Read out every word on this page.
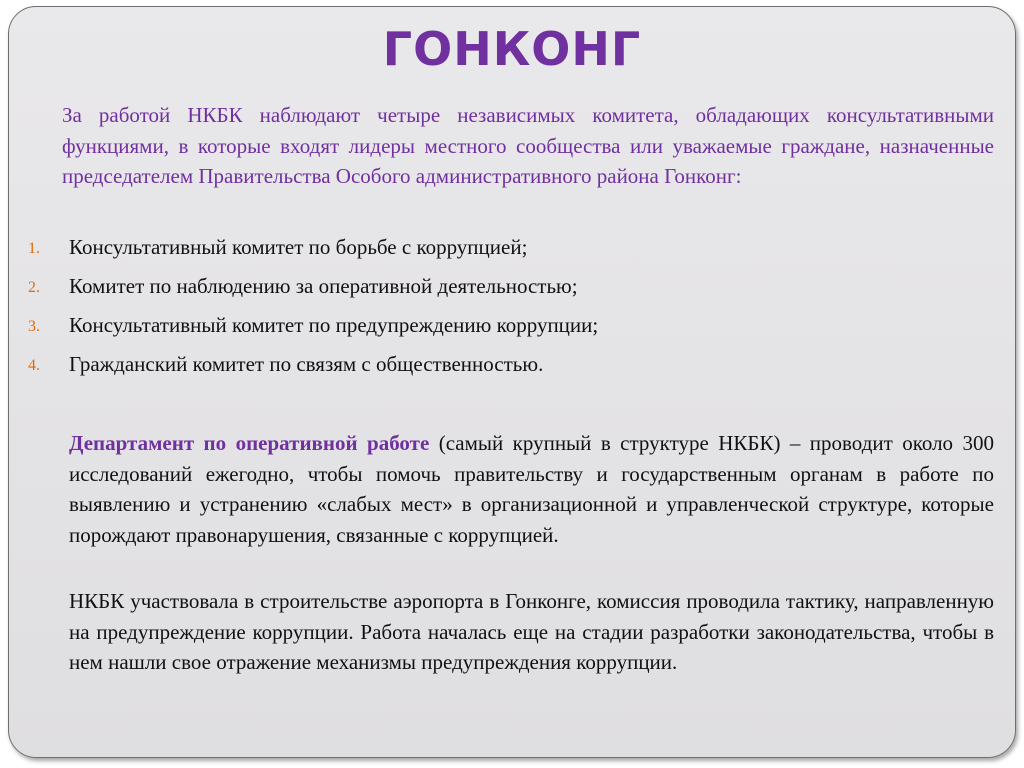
ГОНКОНГ

За работой НКБК наблюдают четыре независимых комитета, обладающих консультативными функциями, в которые входят лидеры местного сообщества или уважаемые граждане, назначенные председателем Правительства Особого административного района Гонконг:

1. Консультативный комитет по борьбе с коррупцией;
2. Комитет по наблюдению за оперативной деятельностью;
3. Консультативный комитет по предупреждению коррупции;
4. Гражданский комитет по связям с общественностью.

Департамент по оперативной работе (самый крупный в структуре НКБК) – проводит около 300 исследований ежегодно, чтобы помочь правительству и государственным органам в работе по выявлению и устранению «слабых мест» в организационной и управленческой структуре, которые порождают правонарушения, связанные с коррупцией.

НКБК участвовала в строительстве аэропорта в Гонконге, комиссия проводила тактику, направленную на предупреждение коррупции. Работа началась еще на стадии разработки законодательства, чтобы в нем нашли свое отражение механизмы предупреждения коррупции.
